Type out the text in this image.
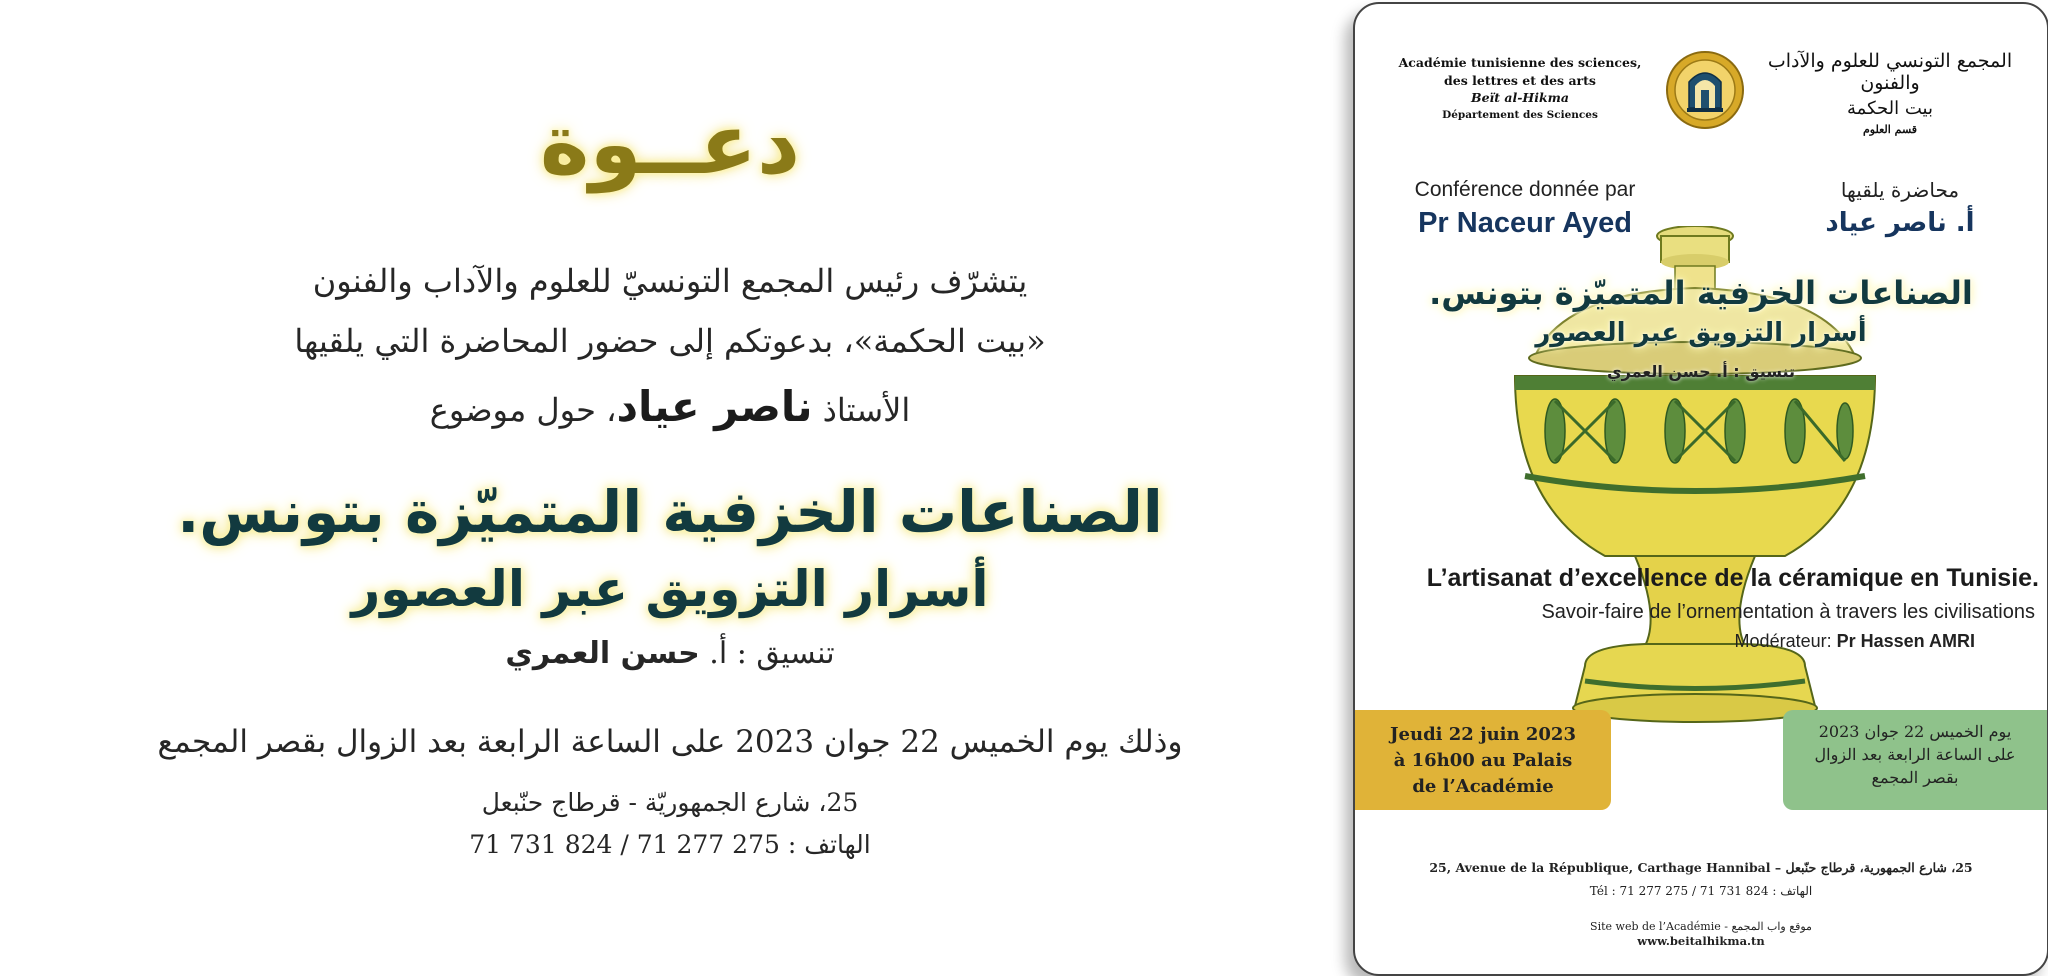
دعــوة
يتشرّف رئيس المجمع التونسيّ للعلوم والآداب والفنون
«بيت الحكمة»، بدعوتكم إلى حضور المحاضرة التي يلقيها
الأستاذ ناصر عياد، حول موضوع
الصناعات الخزفية المتميّزة بتونس.
أسرار التزويق عبر العصور
تنسيق : أ. حسن العمري
وذلك يوم الخميس 22 جوان 2023 على الساعة الرابعة بعد الزوال بقصر المجمع
25، شارع الجمهوريّة - قرطاج حنّبعل
الهاتف : 275 277 71 / 824 731 71
Académie tunisienne des sciences,
des lettres et des arts
Beït al-Hikma
Département des Sciences
المجمع التونسي للعلوم والآداب والفنون
بيت الحكمة
قسم العلوم
Conférence donnée par
Pr Naceur Ayed
محاضرة يلقيها
أ. ناصر عياد
الصناعات الخزفية المتميّزة بتونس.
أسرار التزويق عبر العصور
تنسيق : أ. حسن العمري
L’artisanat d’excellence de la céramique en Tunisie.
Savoir-faire de l’ornementation à travers les civilisations
Modérateur: Pr Hassen AMRI
Jeudi 22 juin 2023
à 16h00 au Palais
de l’Académie
يوم الخميس 22 جوان 2023
على الساعة الرابعة بعد الزوال
بقصر المجمع
25, Avenue de la République, Carthage Hannibal – 25، شارع الجمهورية، قرطاج حنّبعل
Tél : 71 277 275 / 71 731 824 : الهاتف
Site web de l’Académie - موقع واب المجمع
www.beitalhikma.tn
